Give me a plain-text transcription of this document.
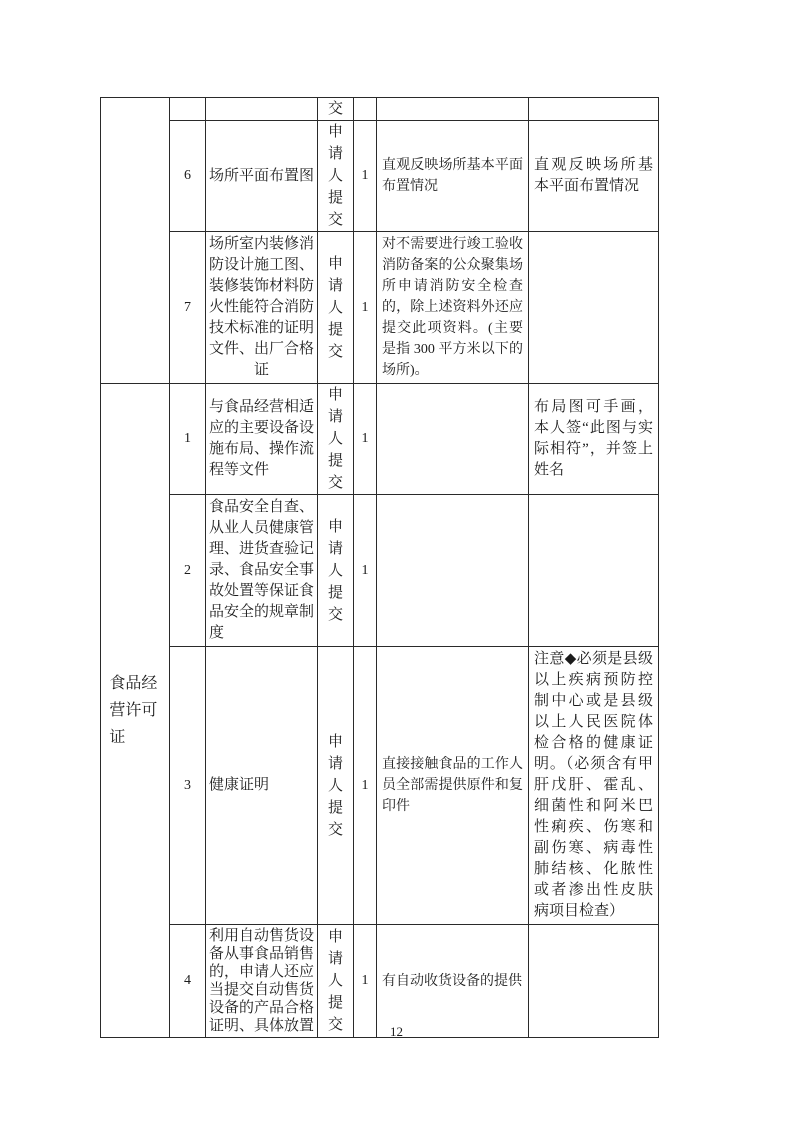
			交			

	6	场所平面布置图	申请人提交	1	直观反映场所基本平面布置情况	直观反映场所基本平面布置情况
	7	场所室内装修消防设计施工图、装修装饰材料防火性能符合消防技术标准的证明文件、出厂合格证	申请人提交	1	对不需要进行竣工验收消防备案的公众聚集场所申请消防安全检查的，除上述资料外还应提交此项资料。(主要是指 300 平方米以下的场所)。	

食品经营许可证	1	与食品经营相适应的主要设备设施布局、操作流程等文件	申请人提交	1		布局图可手画，本人签“此图与实际相符”，并签上姓名
	2	食品安全自查、从业人员健康管理、进货查验记录、食品安全事故处置等保证食品安全的规章制度	申请人提交	1		
	3	健康证明	申请人提交	1	直接接触食品的工作人员全部需提供原件和复印件	注意◆必须是县级以上疾病预防控制中心或是县级以上人民医院体检合格的健康证明。（必须含有甲肝戊肝、霍乱、细菌性和阿米巴性痢疾、伤寒和副伤寒、病毒性肺结核、化脓性或者渗出性皮肤病项目检查）
	4	利用自动售货设备从事食品销售的，申请人还应当提交自动售货设备的产品合格证明、具体放置	申请人提交	1	有自动收货设备的提供	
12
